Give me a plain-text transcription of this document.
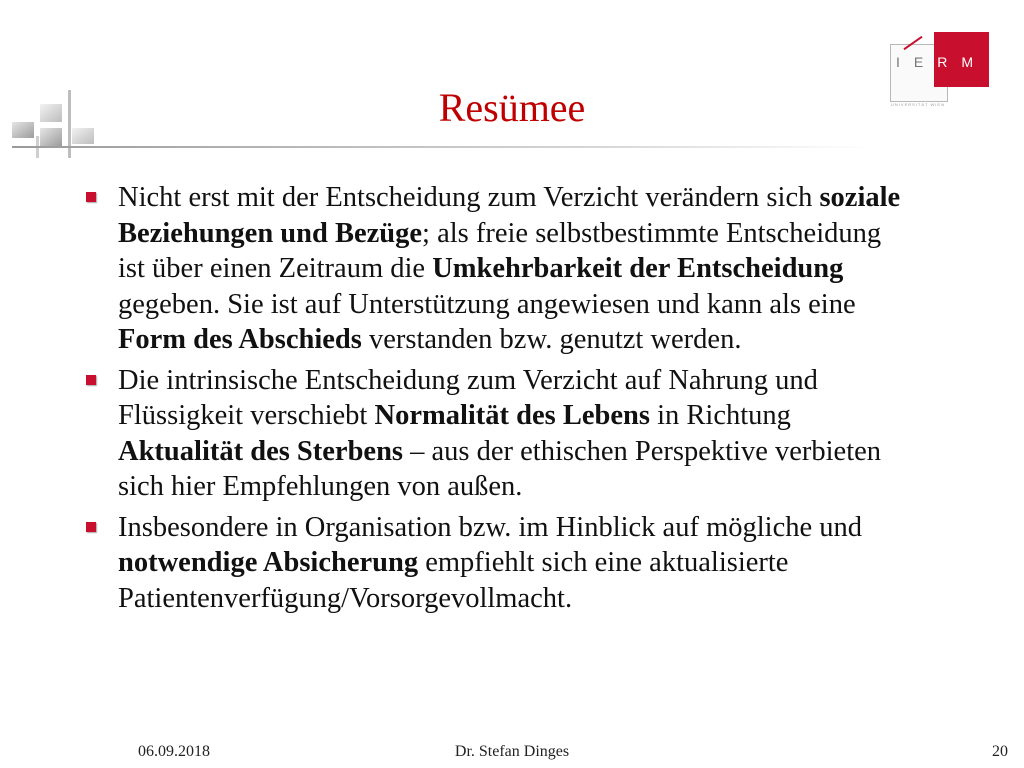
IERM
UNIVERSITÄT WIEN
Resümee
Nicht erst mit der Entscheidung zum Verzicht verändern sich soziale Beziehungen und Bezüge; als freie selbstbestimmte Entscheidung ist über einen Zeitraum die Umkehrbarkeit der Entscheidung gegeben. Sie ist auf Unterstützung angewiesen und kann als eine Form des Abschieds verstanden bzw. genutzt werden.
Die intrinsische Entscheidung zum Verzicht auf Nahrung und Flüssigkeit verschiebt Normalität des Lebens in Richtung Aktualität des Sterbens – aus der ethischen Perspektive verbieten sich hier Empfehlungen von außen.
Insbesondere in Organisation bzw. im Hinblick auf mögliche und notwendige Absicherung empfiehlt sich eine aktualisierte Patientenverfügung/Vorsorgevollmacht.
06.09.2018	Dr. Stefan Dinges	20
